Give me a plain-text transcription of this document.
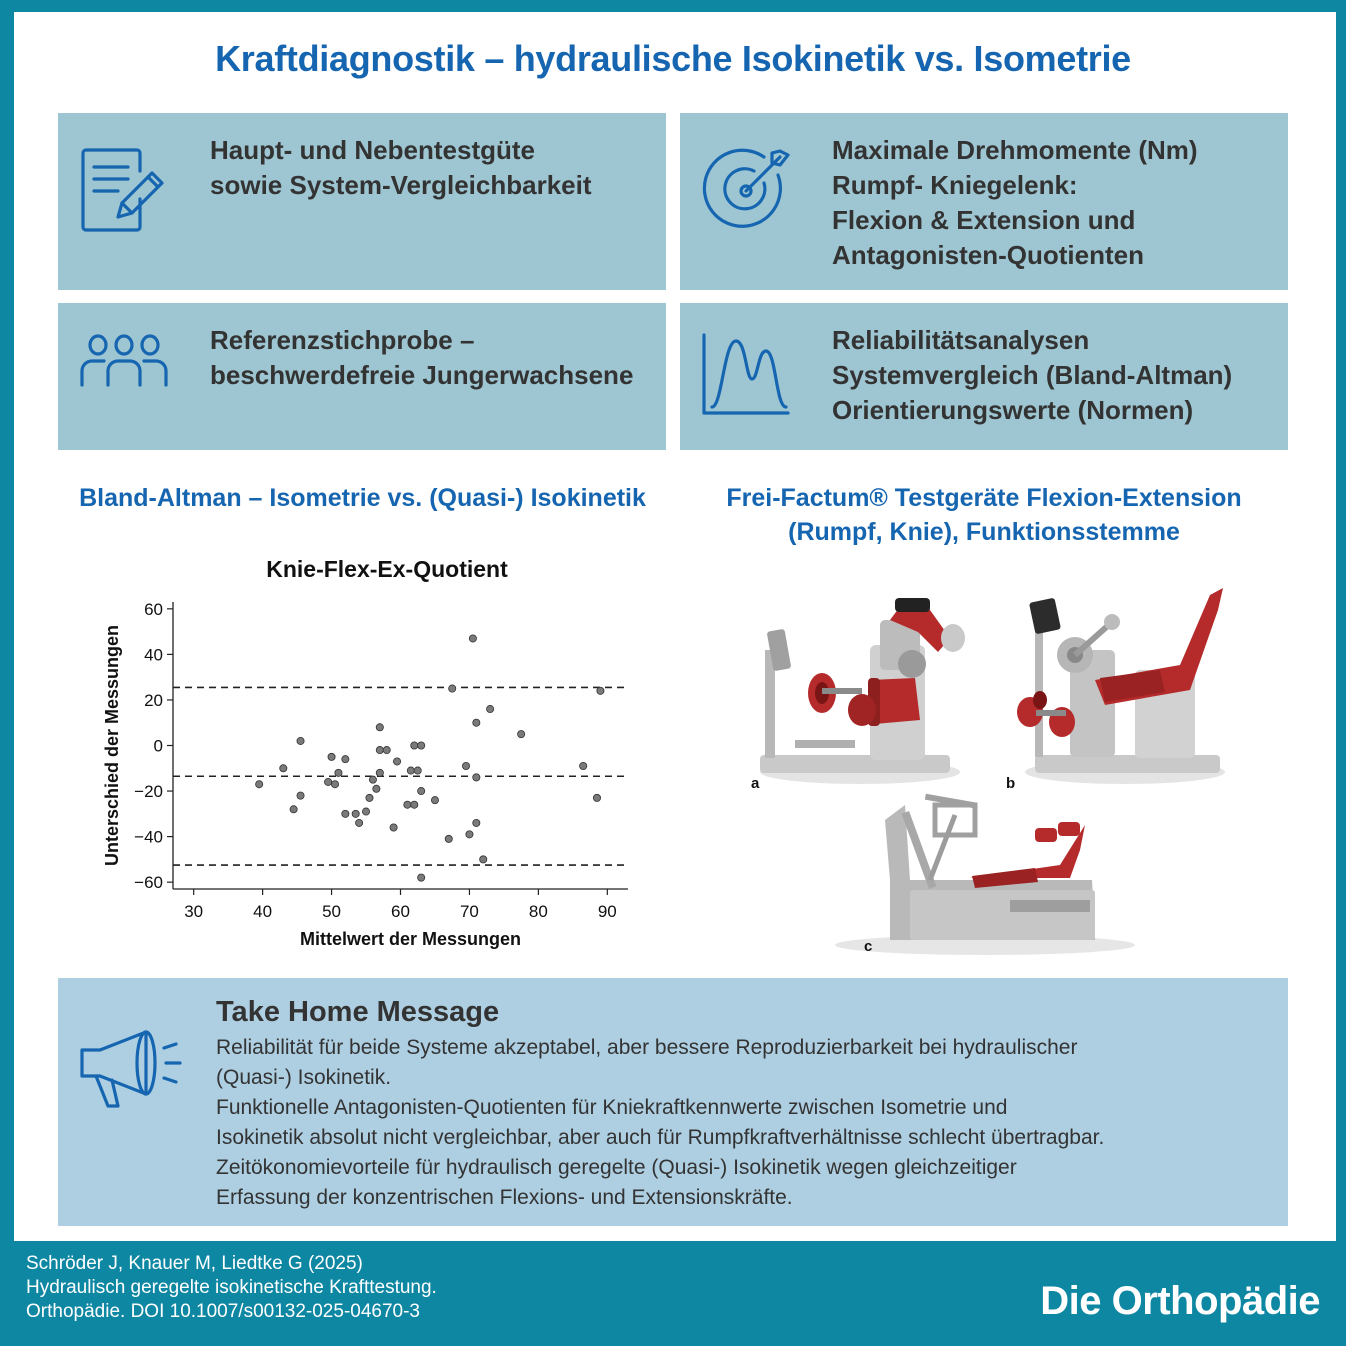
Kraftdiagnostik – hydraulische Isokinetik vs. Isometrie
Haupt- und Nebentestgüte
sowie System-Vergleichbarkeit
Maximale Drehmomente (Nm)
Rumpf- Kniegelenk:
Flexion & Extension und
Antagonisten-Quotienten
Referenzstichprobe –
beschwerdefreie Jungerwachsene
Reliabilitätsanalysen
Systemvergleich (Bland-Altman)
Orientierungswerte (Normen)
Bland-Altman – Isometrie vs. (Quasi-) Isokinetik	Frei-Factum® Testgeräte Flexion-Extension
(Rumpf, Knie), Funktionsstemme
Knie-Flex-Ex-Quotient
60
40
20
0
−20
−40
−60
30	40	50	60	70	80	90
Mittelwert der Messungen
Unterschied der Messungen	a	b
c
Take Home Message

Reliabilität für beide Systeme akzeptabel, aber bessere Reproduzierbarkeit bei hydraulischer

(Quasi-) Isokinetik.

Funktionelle Antagonisten-Quotienten für Kniekraftkennwerte zwischen Isometrie und

Isokinetik absolut nicht vergleichbar, aber auch für Rumpfkraftverhältnisse schlecht übertragbar.

Zeitökonomievorteile für hydraulisch geregelte (Quasi-) Isokinetik wegen gleichzeitiger

Erfassung der konzentrischen Flexions- und Extensionskräfte.

Schröder J, Knauer M, Liedtke G (2025)
Hydraulisch geregelte isokinetische Krafttestung.
Orthopädie. DOI 10.1007/s00132-025-04670-3	Die Orthopädie
